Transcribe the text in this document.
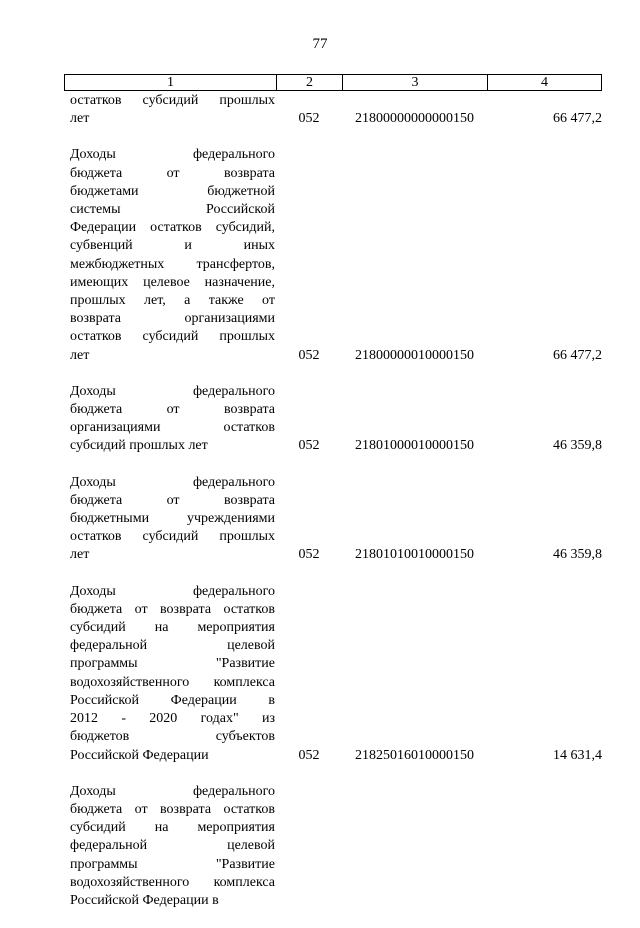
77
1	2	3	4
остатков субсидий прошлых
лет	052	21800000000000150	66 477,2
Доходы федерального
бюджета от возврата
бюджетами бюджетной
системы Российской
Федерации остатков субсидий,
субвенций и иных
межбюджетных трансфертов,
имеющих целевое назначение,
прошлых лет, а также от
возврата организациями
остатков субсидий прошлых
лет	052	21800000010000150	66 477,2
Доходы федерального
бюджета от возврата
организациями остатков
субсидий прошлых лет	052	21801000010000150	46 359,8
Доходы федерального
бюджета от возврата
бюджетными учреждениями
остатков субсидий прошлых
лет	052	21801010010000150	46 359,8
Доходы федерального
бюджета от возврата остатков
субсидий на мероприятия
федеральной целевой
программы "Развитие
водохозяйственного комплекса
Российской Федерации в
2012 - 2020 годах" из
бюджетов субъектов
Российской Федерации	052	21825016010000150	14 631,4
Доходы федерального
бюджета от возврата остатков
субсидий на мероприятия
федеральной целевой
программы "Развитие
водохозяйственного комплекса
Российской Федерации в
